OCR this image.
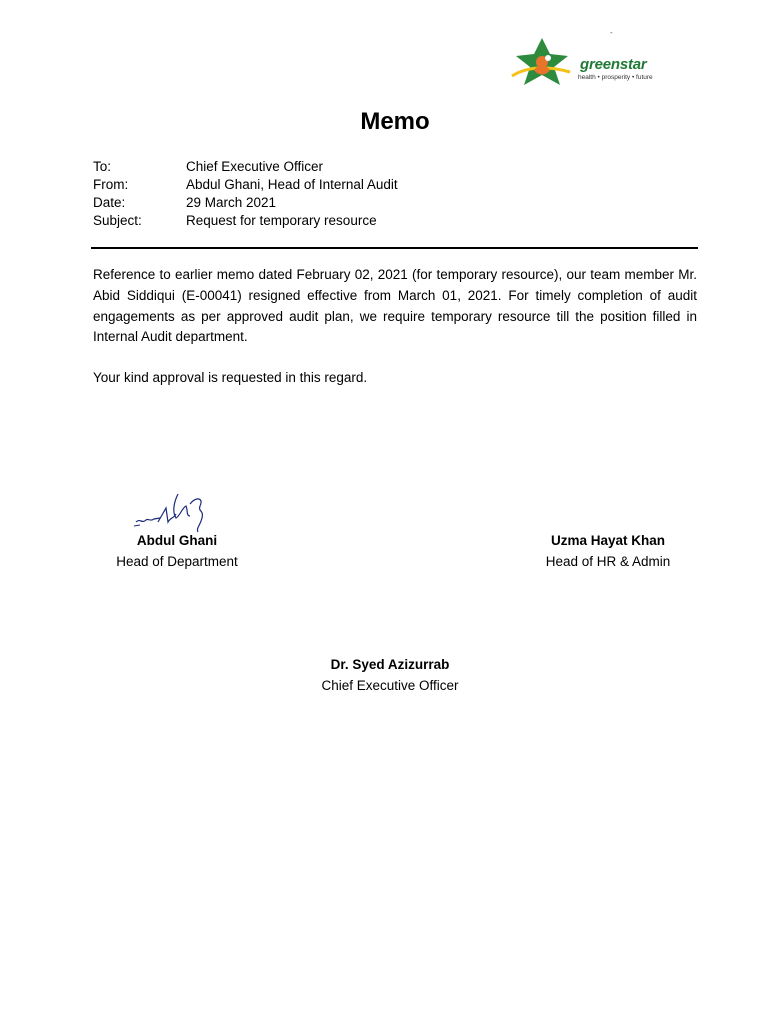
-
greenstar
health • prosperity • future
Memo
To:	Chief Executive Officer
From:	Abdul Ghani, Head of Internal Audit
Date:	29 March 2021
Subject:	Request for temporary resource
Reference to earlier memo dated February 02, 2021 (for temporary resource), our team member Mr. Abid Siddiqui (E-00041) resigned effective from March 01, 2021. For timely completion of audit engagements as per approved audit plan, we require temporary resource till the position filled in Internal Audit department.
Your kind approval is requested in this regard.
Abdul Ghani
Head of Department
Uzma Hayat Khan
Head of HR & Admin
Dr. Syed Azizurrab
Chief Executive Officer
